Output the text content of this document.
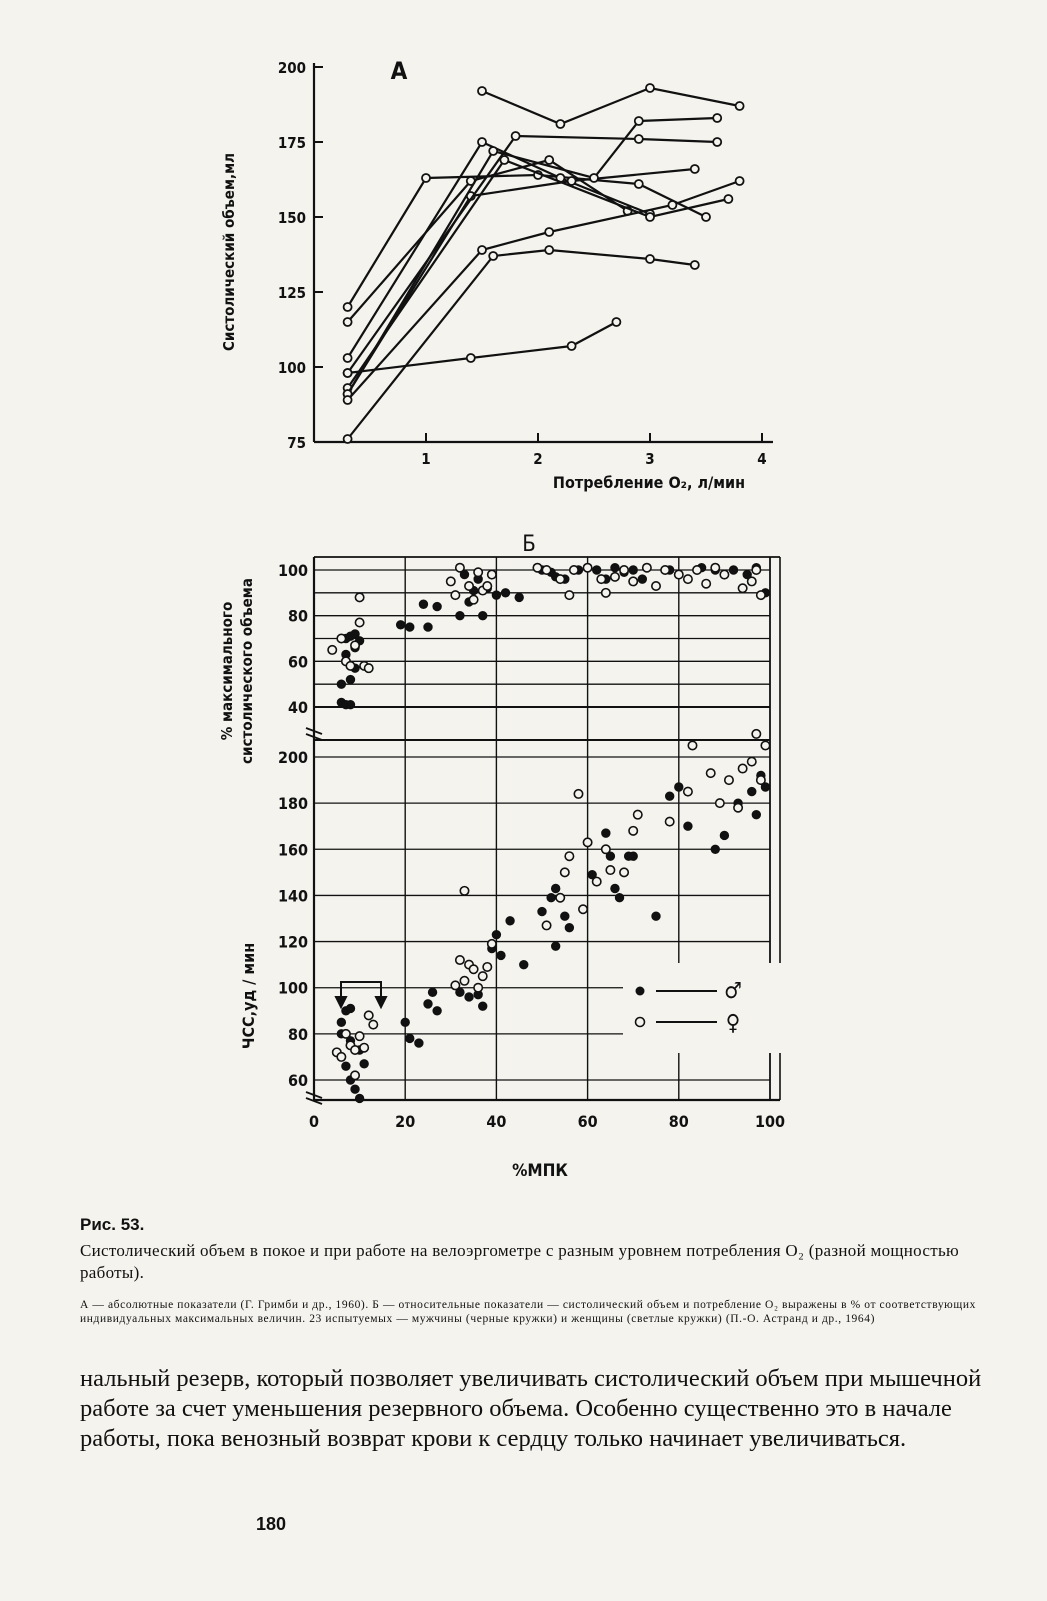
А
75
100
125
150
175
200
1	2	3	4
Систолический объем,мл
Потребление О₂, л/мин
Б
40
60
80
100
60
80
100
120
140
160
180
200
0	20	40	60	80	100
% максимального систолического объема
ЧСС,уд / мин
%МПК
♂
♀
Рис. 53.
Систолический объем в покое и при работе на велоэргометре с разным уровнем потребления О₂ (разной мощностью работы).
А — абсолютные показатели (Г. Гримби и др., 1960). Б — относительные показатели — систолический объем и потребление О₂ выражены в % от соответствующих индивидуальных максимальных величин. 23 испытуемых — мужчины (черные кружки) и женщины (светлые кружки) (П.-О. Астранд и др., 1964)
нальный резерв, который позволяет увеличивать систолический объем при мышечной работе за счет уменьшения резервного объема. Особенно существенно это в начале работы, пока венозный возврат крови к сердцу только начинает увеличиваться.
180
